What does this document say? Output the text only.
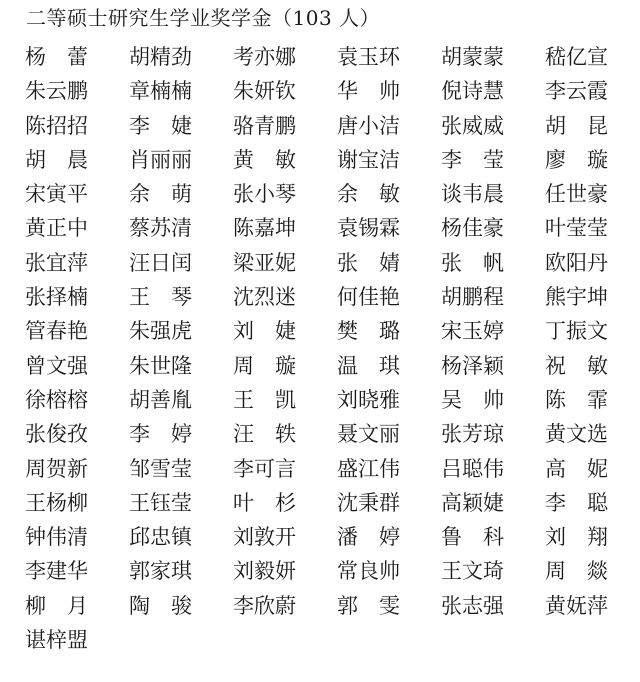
二等硕士研究生学业奖学金（103 人）
杨　蕾	胡精劲	考亦娜	袁玉环	胡蒙蒙	嵇亿宣
朱云鹏	章楠楠	朱妍钦	华　帅	倪诗慧	李云霞
陈招招	李　婕	骆青鹏	唐小洁	张威威	胡　昆
胡　晨	肖丽丽	黄　敏	谢宝洁	李　莹	廖　璇
宋寅平	余　萌	张小琴	余　敏	谈韦晨	任世豪
黄正中	蔡苏清	陈嘉坤	袁锡霖	杨佳豪	叶莹莹
张宜萍	汪日闰	梁亚妮	张　婧	张　帆	欧阳丹
张择楠	王　琴	沈烈迷	何佳艳	胡鹏程	熊宇坤
管春艳	朱强虎	刘　婕	樊　璐	宋玉婷	丁振文
曾文强	朱世隆	周　璇	温　琪	杨泽颖	祝　敏
徐榕榕	胡善胤	王　凯	刘晓雅	吴　帅	陈　霏
张俊孜	李　婷	汪　轶	聂文丽	张芳琼	黄文选
周贺新	邹雪莹	李可言	盛江伟	吕聪伟	高　妮
王杨柳	王钰莹	叶　杉	沈秉群	高颖婕	李　聪
钟伟清	邱忠镇	刘敦开	潘　婷	鲁　科	刘　翔
李建华	郭家琪	刘毅妍	常良帅	王文琦	周　燚
柳　月	陶　骏	李欣蔚	郭　雯	张志强	黄妩萍
谌梓盟
